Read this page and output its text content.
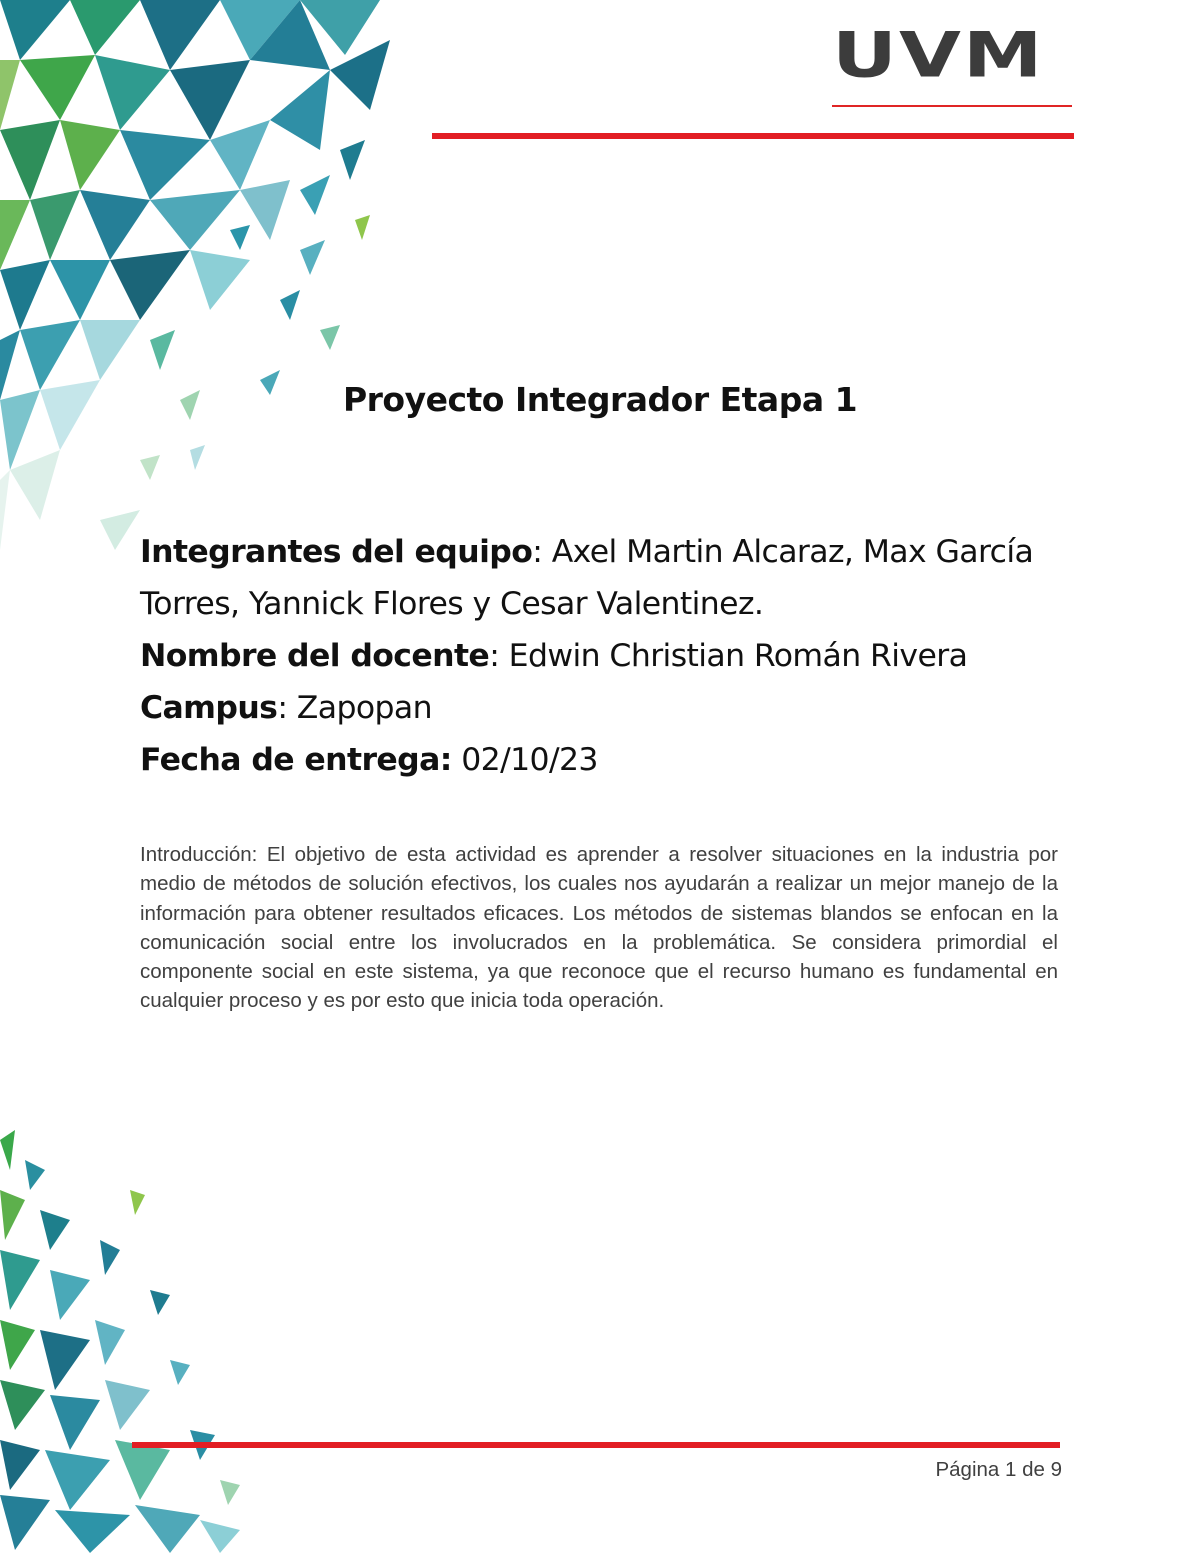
UVM
Proyecto Integrador Etapa 1

Integrantes del equipo: Axel Martin Alcaraz, Max García Torres, Yannick Flores y Cesar Valentinez.

Nombre del docente: Edwin Christian Román Rivera

Campus: Zapopan

Fecha de entrega: 02/10/23

Introducción: El objetivo de esta actividad es aprender a resolver situaciones en la industria por medio de métodos de solución efectivos, los cuales nos ayudarán a realizar un mejor manejo de la información para obtener resultados eficaces. Los métodos de sistemas blandos se enfocan en la comunicación social entre los involucrados en la problemática. Se considera primordial el componente social en este sistema, ya que reconoce que el recurso humano es fundamental en cualquier proceso y es por esto que inicia toda operación.

Página 1 de 9
